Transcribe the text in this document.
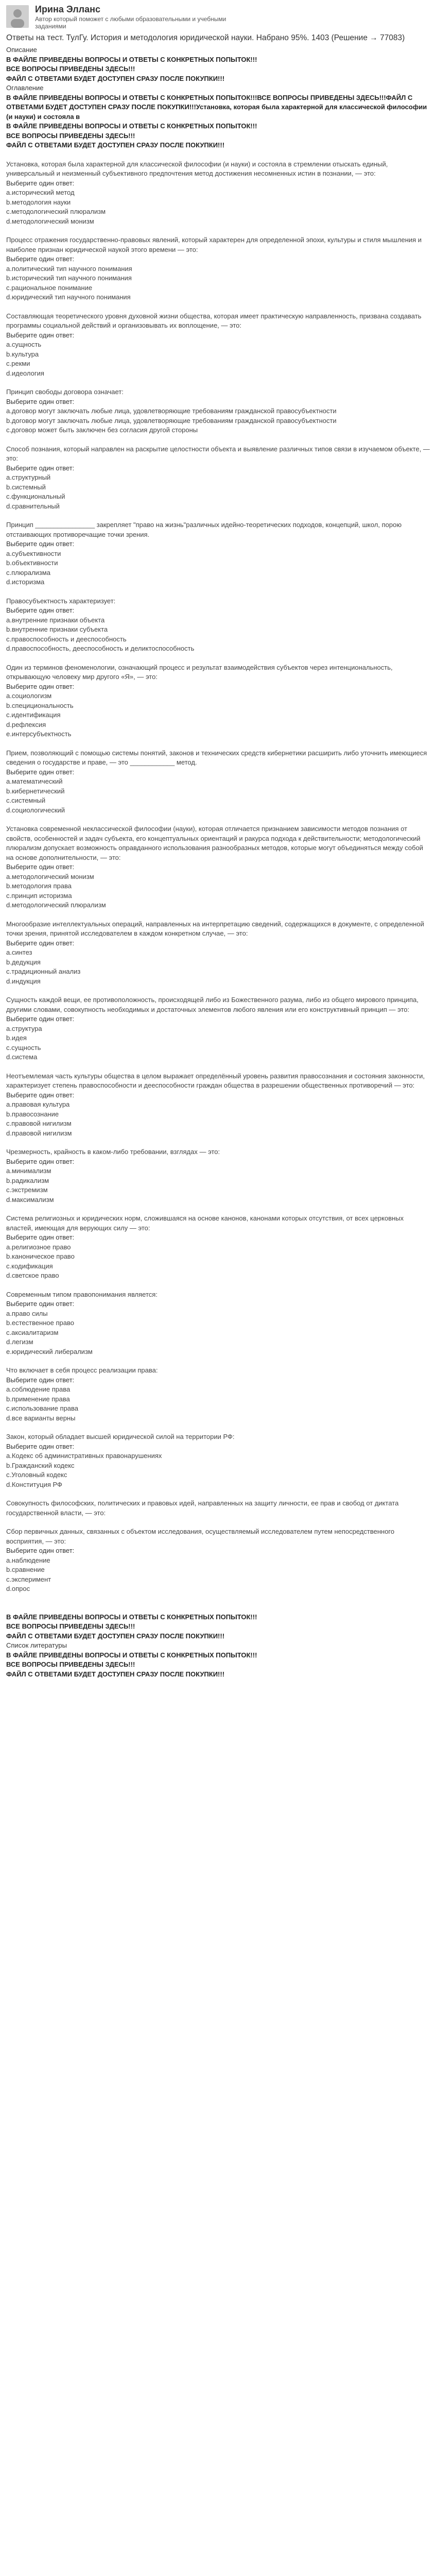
Ирина Элланс
Автор который поможет с любыми образовательными и учебными заданиями
Ответы на тест. ТулГу. История и методология юридической науки. Набрано 95%. 1403 (Решение → 77083)
Описание
В ФАЙЛЕ ПРИВЕДЕНЫ ВОПРОСЫ И ОТВЕТЫ С КОНКРЕТНЫХ ПОПЫТОК!!!
ВСЕ ВОПРОСЫ ПРИВЕДЕНЫ ЗДЕСЬ!!!
ФАЙЛ С ОТВЕТАМИ БУДЕТ ДОСТУПЕН СРАЗУ ПОСЛЕ ПОКУПКИ!!!
Оглавление
В ФАЙЛЕ ПРИВЕДЕНЫ ВОПРОСЫ И ОТВЕТЫ С КОНКРЕТНЫХ ПОПЫТОК!!!ВСЕ ВОПРОСЫ ПРИВЕДЕНЫ ЗДЕСЬ!!!ФАЙЛ С ОТВЕТАМИ БУДЕТ ДОСТУПЕН СРАЗУ ПОСЛЕ ПОКУПКИ!!!Установка, которая была характерной для классической философии (и науки) и состояла в
В ФАЙЛЕ ПРИВЕДЕНЫ ВОПРОСЫ И ОТВЕТЫ С КОНКРЕТНЫХ ПОПЫТОК!!!
ВСЕ ВОПРОСЫ ПРИВЕДЕНЫ ЗДЕСЬ!!!
ФАЙЛ С ОТВЕТАМИ БУДЕТ ДОСТУПЕН СРАЗУ ПОСЛЕ ПОКУПКИ!!!
Установка, которая была характерной для классической философии (и науки) и состояла в стремлении отыскать единый, универсальный и неизменный субъективного предпочтения метод достижения несомненных истин в познании, — это:
Выберите один ответ:
а.исторический метод
b.методология науки
c.методологический плюрализм
d.методологический монизм
Процесс отражения государственно-правовых явлений, который характерен для определенной эпохи, культуры и стиля мышления и наиболее признан юридической наукой этого времени — это:
Выберите один ответ:
a.политический тип научного понимания
b.исторический тип научного понимания
c.рациональное понимание
d.юридический тип научного понимания
Составляющая теоретического уровня духовной жизни общества, которая имеет практическую направленность, призвана создавать программы социальной действий и организовывать их воплощение, — это:
Выберите один ответ:
a.сущность
b.культура
c.рекми
d.идеология
Принцип свободы договора означает:
Выберите один ответ:
a.договор могут заключать любые лица, удовлетворяющие требованиям гражданской правосубъектности
b.договор могут заключать любые лица, удовлетворяющие требованиям гражданской правосубъектности
c.договор может быть заключен без согласия другой стороны
Способ познания, который направлен на раскрытие целостности объекта и выявление различных типов связи в изучаемом объекте, — это:
Выберите один ответ:
a.структурный
b.системный
c.функциональный
d.сравнительный
Принцип ________________ закрепляет "право на жизнь"различных идейно-теоретических подходов, концепций, школ, порою отстаивающих противоречащие точки зрения.
Выберите один ответ:
a.субъективности
b.объективности
c.плюрализма
d.историзма
Правосубъектность характеризует:
Выберите один ответ:
a.внутренние признаки объекта
b.внутренние признаки субъекта
c.правоспособность и дееспособность
d.правоспособность, дееспособность и деликтоспособность
Один из терминов феноменологии, означающий процесс и результат взаимодействия субъектов через интенциональность, открывающую человеку мир другого «Я», — это:
Выберите один ответ:
a.социологизм
b.специциональность
c.идентификация
d.рефлексия
e.интерсубъектность
Прием, позволяющий с помощью системы понятий, законов и технических средств кибернетики расширить либо уточнить имеющиеся сведения о государстве и праве, — это ____________ метод.
Выберите один ответ:
a.математический
b.кибернетический
c.системный
d.социологический
Установка современной неклассической философии (науки), которая отличается признанием зависимости методов познания от свойств, особенностей и задач субъекта, его концептуальных ориентаций и ракурса подхода к действительности; методологический плюрализм допускает возможность оправданного использования разнообразных методов, которые могут объединяться между собой на основе дополнительности, — это:
Выберите один ответ:
a.методологический монизм
b.методология права
c.принцип историзма
d.методологический плюрализм
Многообразие интеллектуальных операций, направленных на интерпретацию сведений, содержащихся в документе, с определенной точки зрения, принятой исследователем в каждом конкретном случае, — это:
Выберите один ответ:
a.синтез
b.дедукция
c.традиционный анализ
d.индукция
Сущность каждой вещи, ее противоположность, происходящей либо из Божественного разума, либо из общего мирового принципа, другими словами, совокупность необходимых и достаточных элементов любого явления или его конструктивный принцип — это:
Выберите один ответ:
a.структура
b.идея
c.сущность
d.система
Неотъемлемая часть культуры общества в целом выражает определённый уровень развития правосознания и состояния законности, характеризует степень правоспособности и дееспособности граждан общества в разрешении общественных противоречий — это:
Выберите один ответ:
a.правовая культура
b.правосознание
c.правовой нигилизм
d.правовой нигилизм
Чрезмерность, крайность в каком-либо требовании, взглядах — это:
Выберите один ответ:
a.минимализм
b.радикализм
c.экстремизм
d.максимализм
Система религиозных и юридических норм, сложившаяся на основе канонов, канонами которых отсутствия, от всех церковных властей, имеющая для верующих силу — это:
Выберите один ответ:
a.религиозное право
b.каноническое право
c.кодификация
d.светское право
Современным типом правопонимания является:
Выберите один ответ:
a.право силы
b.естественное право
c.аксиалитаризм
d.легизм
e.юридический либерализм
Что включает в себя процесс реализации права:
Выберите один ответ:
a.соблюдение права
b.применение права
c.использование права
d.все варианты верны
Закон, который обладает высшей юридической силой на территории РФ:
Выберите один ответ:
a.Кодекс об административных правонарушениях
b.Гражданский кодекс
c.Уголовный кодекс
d.Конституция РФ
Совокупность философских, политических и правовых идей, направленных на защиту личности, ее прав и свобод от диктата государственной власти, — это:
Сбор первичных данных, связанных с объектом исследования, осуществляемый исследователем путем непосредственного восприятия, — это:
Выберите один ответ:
a.наблюдение
b.сравнение
c.эксперимент
d.опрос
В ФАЙЛЕ ПРИВЕДЕНЫ ВОПРОСЫ И ОТВЕТЫ С КОНКРЕТНЫХ ПОПЫТОК!!!
ВСЕ ВОПРОСЫ ПРИВЕДЕНЫ ЗДЕСЬ!!!
ФАЙЛ С ОТВЕТАМИ БУДЕТ ДОСТУПЕН СРАЗУ ПОСЛЕ ПОКУПКИ!!!
Список литературы
В ФАЙЛЕ ПРИВЕДЕНЫ ВОПРОСЫ И ОТВЕТЫ С КОНКРЕТНЫХ ПОПЫТОК!!!
ВСЕ ВОПРОСЫ ПРИВЕДЕНЫ ЗДЕСЬ!!!
ФАЙЛ С ОТВЕТАМИ БУДЕТ ДОСТУПЕН СРАЗУ ПОСЛЕ ПОКУПКИ!!!
